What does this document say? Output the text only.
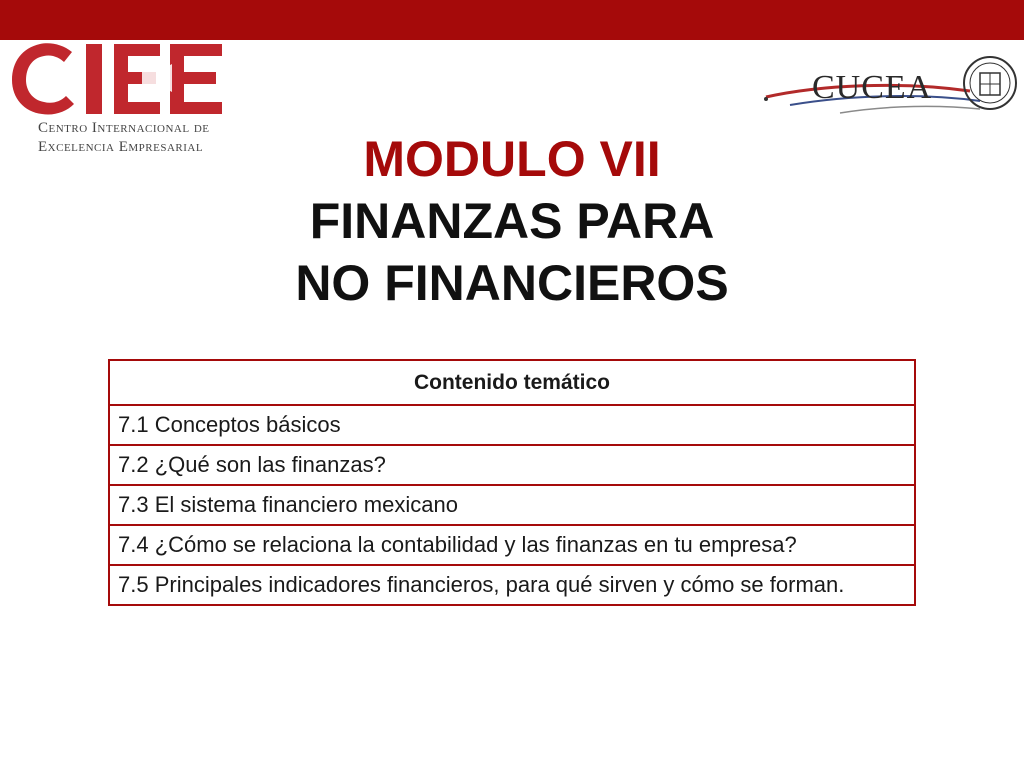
Centro Internacional de
Excelencia Empresarial
CUCEA
MODULO VII
FINANZAS PARA
NO FINANCIEROS
Contenido temático
7.1 Conceptos básicos
7.2 ¿Qué son las finanzas?
7.3 El sistema financiero mexicano
7.4 ¿Cómo se relaciona la contabilidad y las finanzas en tu empresa?
7.5 Principales indicadores financieros, para qué sirven y cómo se forman.
